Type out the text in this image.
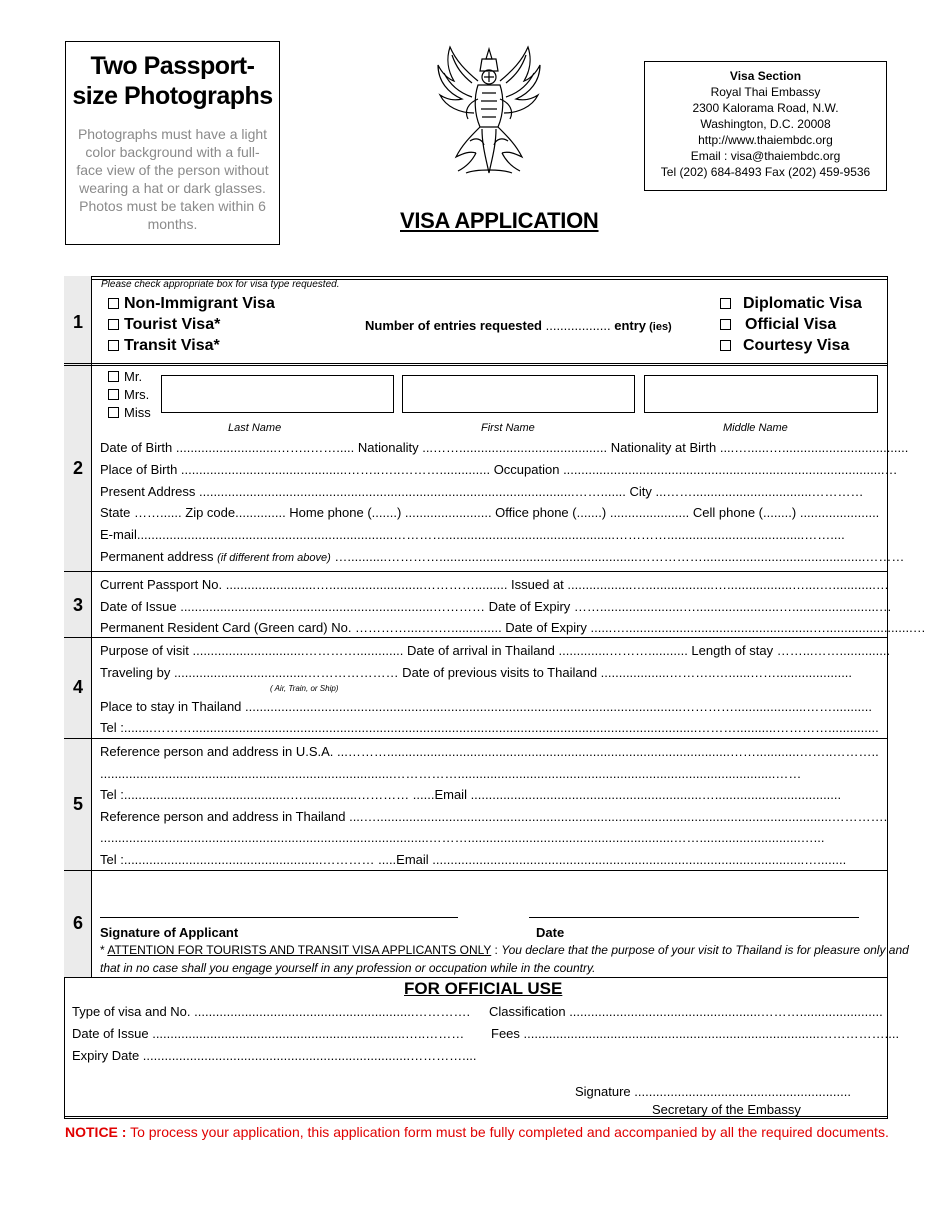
Two Passport-
size Photographs
Photographs must have a light color background with a full- face view of the person without wearing a hat or dark glasses. Photos must be taken within 6 months.	VISA APPLICATION
Visa Section
Royal Thai Embassy
2300 Kalorama Road, N.W.
Washington, D.C. 20008
http://www.thaiembdc.org
Email : visa@thaiembdc.org
Tel (202) 684-8493 Fax (202) 459-9536
1
2
3
4
5
6
Please check appropriate box for visa type requested.
Non-Immigrant Visa
Tourist Visa*
Transit Visa*
Number of entries requested .................. entry (ies)
Diplomatic Visa
Official Visa
Courtesy Visa
Mr.
Mrs.
Miss
Last Name	First Name	Middle Name
Date of Birth ............................……..……..... Nationality ...……......................................... Nationality at Birth ....…......…...................................
Place of Birth ..............................................……..…..……….............. Occupation .........................................................................................…
Present Address ........................................................................................................……....... City ...…….................................…………
State ……...... Zip code.............. Home phone (.......) ........................ Office phone (.......) ...................... Cell phone (........) ......................
E-mail.......................................................................…………...............................................…………......................................……....
Permanent address (if different from above) …...........………….......................................................…………….............................................………
Current Passport No. .........................…..........................…………......... Issued at ..................…...................…..................…....…............…
Date of Issue ......................................................................………… Date of Expiry …….......................….......................…........................…
Permanent Resident Card (Green card) No. …………....….….............. Date of Expiry ......…....................................................…........................…
Purpose of visit ...............................…………............. Date of arrival in Thailand ..............………........... Length of stay ……...……..............
Traveling by .....................................………………… Date of previous visits to Thailand ...................………..…......…….....................
( Air, Train, or Ship)
Place to stay in Thailand .........................................................................................................................…………....................……...........
Tel :........………............................................................................................................................................………...........…………..............
Reference person and address in U.S.A. ...………...............................................................................................……............……..………..
.................................................................................……………........................................................................................……
Tel :..............................................…...............………… ......Email ................................................................…...................................
Reference person and address in Thailand ....…..............................................................................................................................………….
...........................................................................................……….........................................................……............................…...
Tel :.......................................................………… .....Email .......................................................................................................…........
Signature of Applicant	Date
* ATTENTION FOR TOURISTS AND TRANSIT VISA APPLICANTS ONLY : You declare that the purpose of your visit to Thailand is for pleasure only and
that in no case shall you engage yourself in any profession or occupation while in the country.
FOR OFFICIAL USE
Type of visa and No. .............................................................…………. Classification .....................................................……….......................
Date of Issue ......................................................................…..……… Fees ..................................................................................……………....
Expiry Date ..........................................................................…………....
Signature ............................................................
Secretary of the Embassy
NOTICE : To process your application, this application form must be fully completed and accompanied by all the required documents.
